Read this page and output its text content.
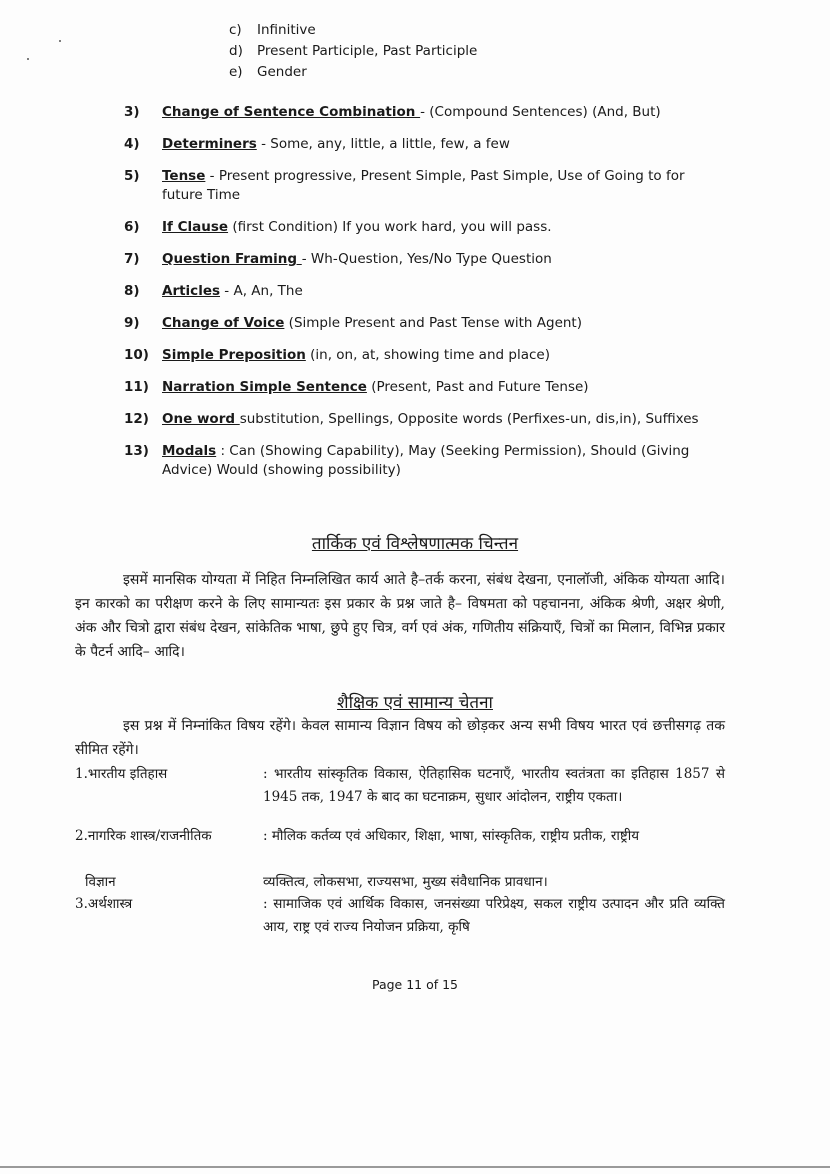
c) Infinitive
d) Present Participle, Past Participle
e) Gender
3)	Change of Sentence Combination - (Compound Sentences) (And, But)
4)	Determiners - Some, any, little, a little, few, a few
5)	Tense - Present progressive, Present Simple, Past Simple, Use of Going to for future Time
6)	If Clause (first Condition) If you work hard, you will pass.
7)	Question Framing - Wh-Question, Yes/No Type Question
8)	Articles - A, An, The
9)	Change of Voice (Simple Present and Past Tense with Agent)
10) Simple Preposition (in, on, at, showing time and place)
11) Narration Simple Sentence (Present, Past and Future Tense)
12) One word substitution, Spellings, Opposite words (Perfixes-un, dis,in), Suffixes
13) Modals : Can (Showing Capability), May (Seeking Permission), Should (Giving Advice) Would (showing possibility)
तार्किक एवं विश्लेषणात्मक चिन्तन
इसमें मानसिक योग्यता में निहित निम्नलिखित कार्य आते है–तर्क करना, संबंध देखना, एनालॉजी, अंकिक योग्यता आदि। इन कारको का परीक्षण करने के लिए सामान्यतः इस प्रकार के प्रश्न जाते है– विषमता को पहचानना, अंकिक श्रेणी, अक्षर श्रेणी, अंक और चित्रो द्वारा संबंध देखन, सांकेतिक भाषा, छुपे हुए चित्र, वर्ग एवं अंक, गणितीय संक्रियाएँ, चित्रों का मिलान, विभिन्न प्रकार के पैटर्न आदि– आदि।
शैक्षिक एवं सामान्य चेतना
इस प्रश्न में निम्नांकित विषय रहेंगे। केवल सामान्य विज्ञान विषय को छोड़कर अन्य सभी विषय भारत एवं छत्तीसगढ़ तक सीमित रहेंगे।
1.भारतीय इतिहास	: भारतीय सांस्कृतिक विकास, ऐतिहासिक घटनाएँ, भारतीय स्वतंत्रता का इतिहास 1857 से 1945 तक, 1947 के बाद का घटनाक्रम, सुधार आंदोलन, राष्ट्रीय एकता।
2.नागरिक शास्त्र/राजनीतिक	: मौलिक कर्तव्य एवं अधिकार, शिक्षा, भाषा, सांस्कृतिक, राष्ट्रीय प्रतीक, राष्ट्रीय
विज्ञान	व्यक्तित्व, लोकसभा, राज्यसभा, मुख्य संवैधानिक प्रावधान।
3.अर्थशास्त्र	: सामाजिक एवं आर्थिक विकास, जनसंख्या परिप्रेक्ष्य, सकल राष्ट्रीय उत्पादन और प्रति व्यक्ति आय, राष्ट्र एवं राज्य नियोजन प्रक्रिया, कृषि
Page 11 of 15
